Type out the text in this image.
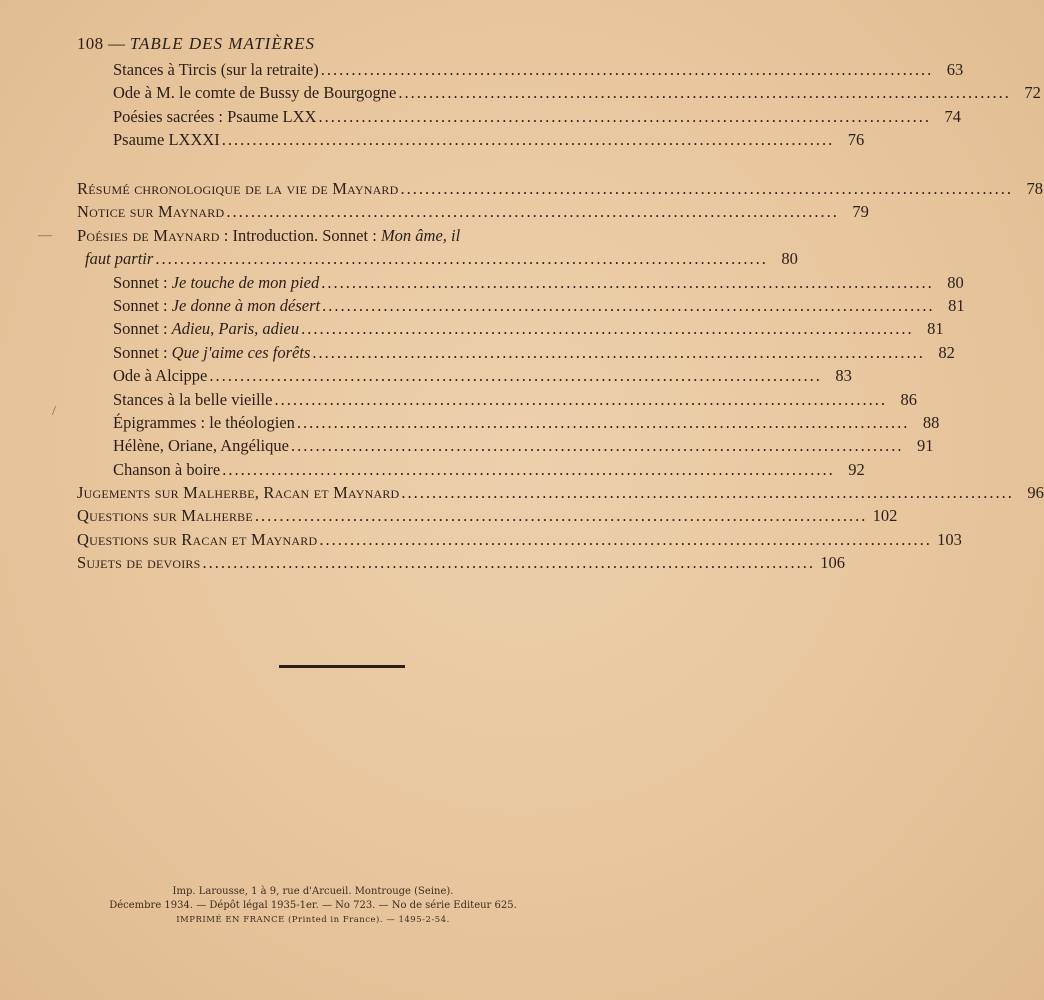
108 — TABLE DES MATIÈRES
Stances à Tircis (sur la retraite) .................................................................................................... 63
Ode à M. le comte de Bussy de Bourgogne .................................................................................................... 72
Poésies sacrées : Psaume LXX .................................................................................................... 74
Psaume LXXXI .................................................................................................... 76
Résumé chronologique de la vie de Maynard .................................................................................................... 78
Notice sur Maynard .................................................................................................... 79
Poésies de Maynard : Introduction. Sonnet : Mon âme, il
faut partir .................................................................................................... 80
Sonnet : Je touche de mon pied .................................................................................................... 80
Sonnet : Je donne à mon désert .................................................................................................... 81
Sonnet : Adieu, Paris, adieu .................................................................................................... 81
Sonnet : Que j'aime ces forêts .................................................................................................... 82
Ode à Alcippe .................................................................................................... 83
Stances à la belle vieille .................................................................................................... 86
Épigrammes : le théologien .................................................................................................... 88
Hélène, Oriane, Angélique .................................................................................................... 91
Chanson à boire .................................................................................................... 92
Jugements sur Malherbe, Racan et Maynard .................................................................................................... 96
Questions sur Malherbe .................................................................................................... 102
Questions sur Racan et Maynard .................................................................................................... 103
Sujets de devoirs .................................................................................................... 106
—
/
Imp. Larousse, 1 à 9, rue d'Arcueil. Montrouge (Seine).
Décembre 1934. — Dépôt légal 1935-1er. — No 723. — No de série Editeur 625.
IMPRIMÉ EN FRANCE (Printed in France). — 1495-2-54.
